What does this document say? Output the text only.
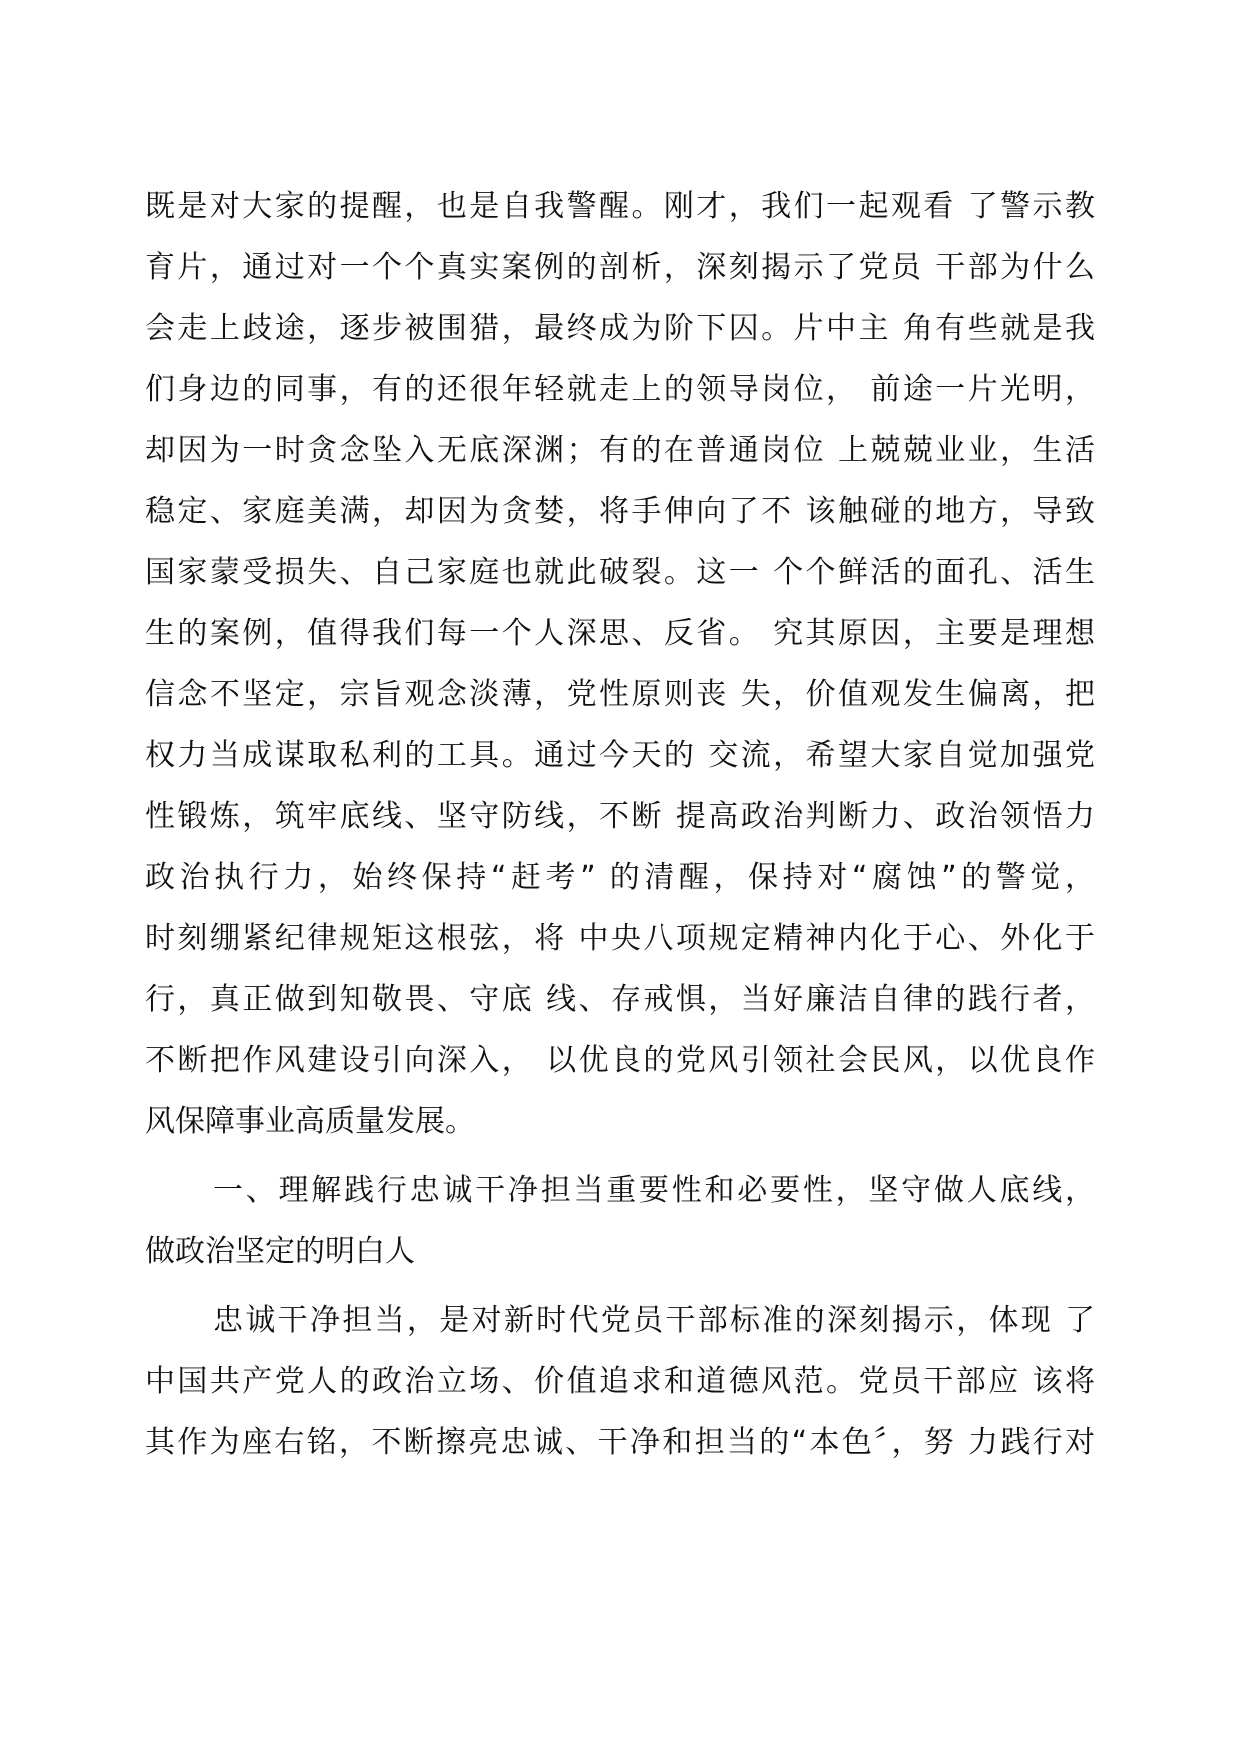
既是对大家的提醒，也是自我警醒。刚才，我们一起观看 了警示教
育片，通过对一个个真实案例的剖析，深刻揭示了党员 干部为什么
会走上歧途，逐步被围猎，最终成为阶下囚。片中主 角有些就是我
们身边的同事，有的还很年轻就走上的领导岗位， 前途一片光明，
却因为一时贪念坠入无底深渊；有的在普通岗位 上兢兢业业，生活
稳定、家庭美满，却因为贪婪，将手伸向了不 该触碰的地方，导致
国家蒙受损失、自己家庭也就此破裂。这一 个个鲜活的面孔、活生
生的案例，值得我们每一个人深思、反省。 究其原因，主要是理想
信念不坚定，宗旨观念淡薄，党性原则丧 失，价值观发生偏离，把
权力当成谋取私利的工具。通过今天的 交流，希望大家自觉加强党
性锻炼，筑牢底线、坚守防线，不断 提高政治判断力、政治领悟力
政治执行力，始终保持“赶考” 的清醒，保持对“腐蚀”的警觉，
时刻绷紧纪律规矩这根弦，将 中央八项规定精神内化于心、外化于
行，真正做到知敬畏、守底 线、存戒惧，当好廉洁自律的践行者，
不断把作风建设引向深入， 以优良的党风引领社会民风，以优良作
风保障事业高质量发展。
一、理解践行忠诚干净担当重要性和必要性，坚守做人底线，
做政治坚定的明白人
忠诚干净担当，是对新时代党员干部标准的深刻揭示，体现 了
中国共产党人的政治立场、价值追求和道德风范。党员干部应 该将
其作为座右铭，不断擦亮忠诚、干净和担当的“本色〞，努 力践行对
